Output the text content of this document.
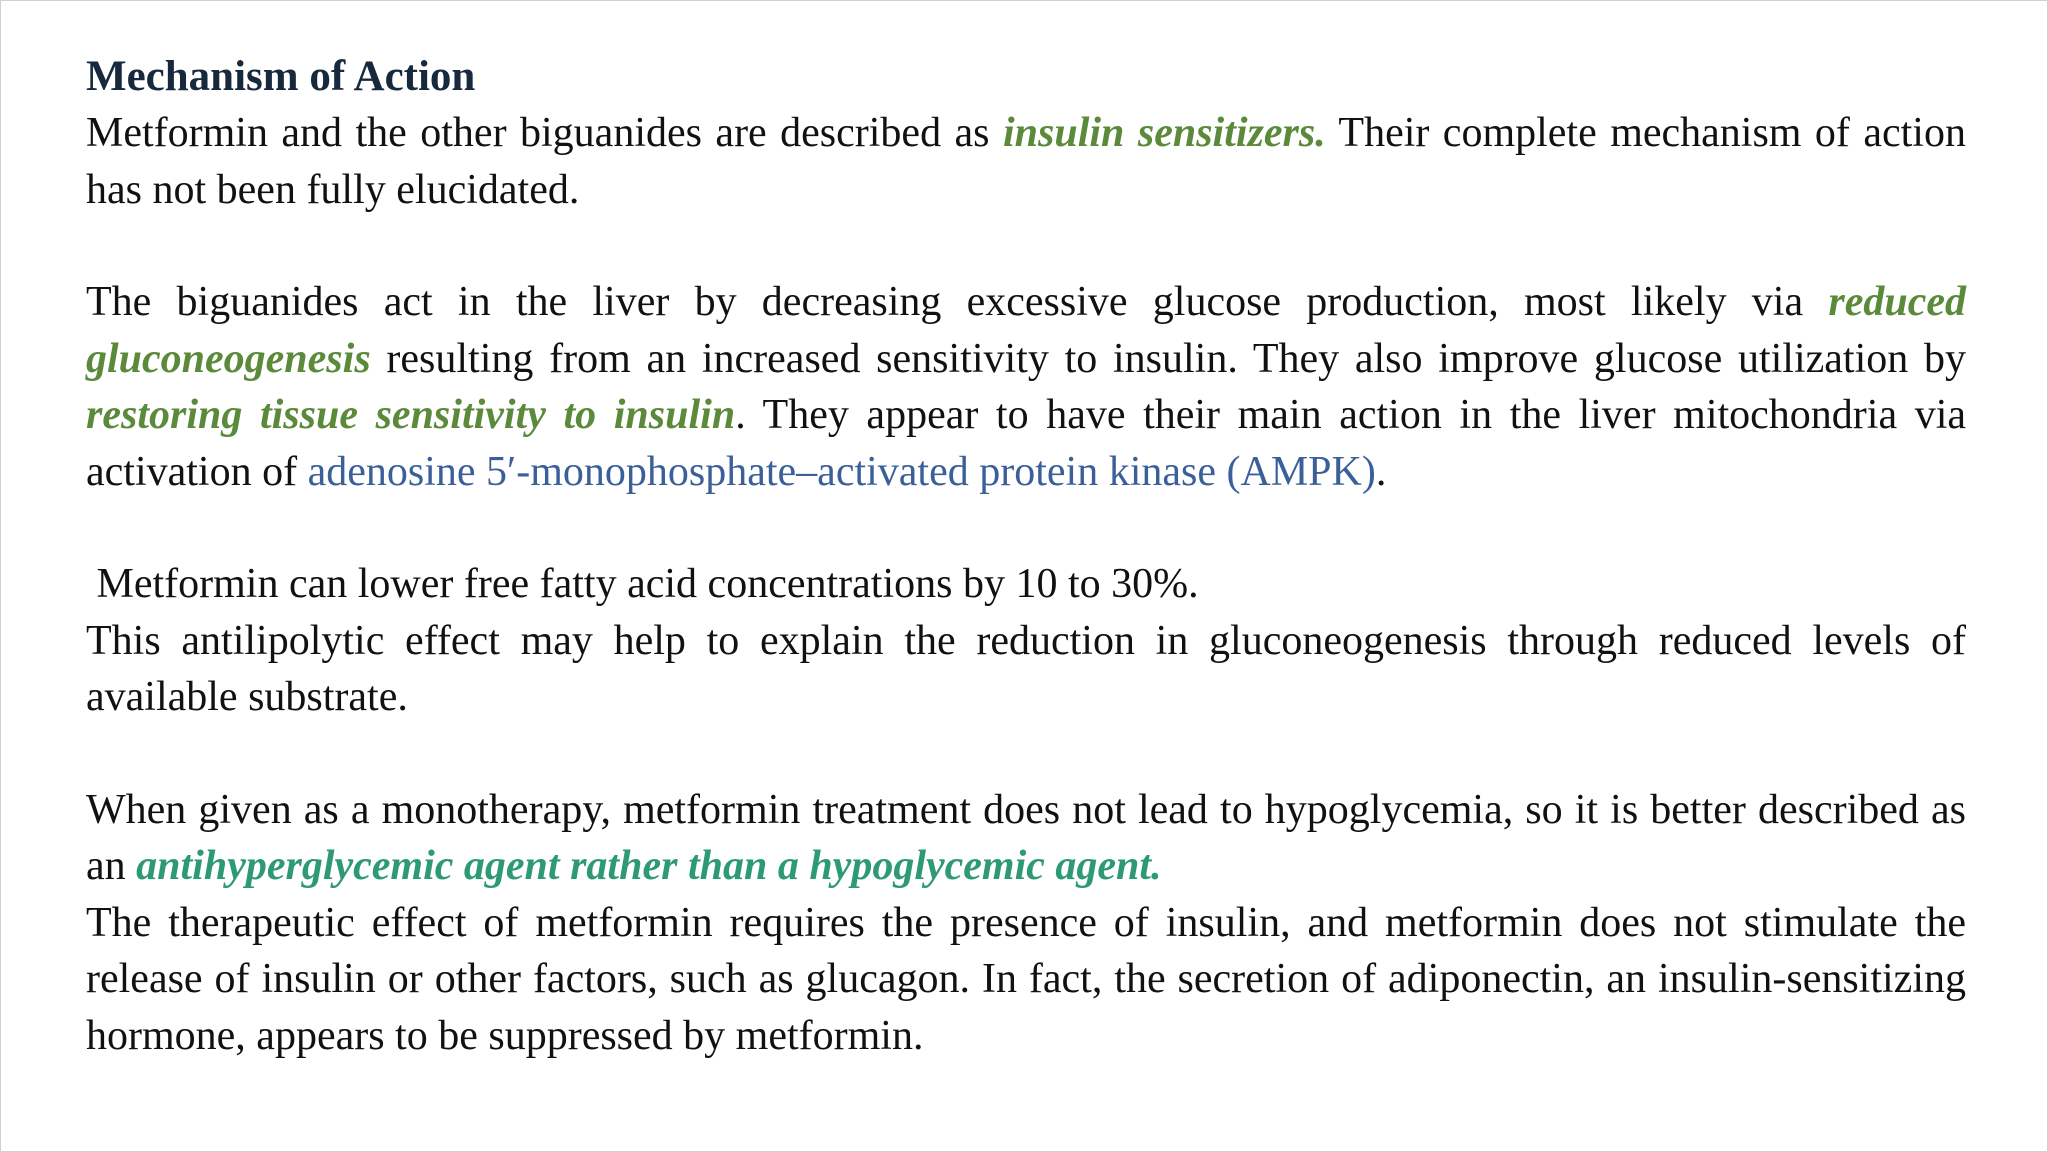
Mechanism of Action

Metformin and the other biguanides are described as insulin sensitizers. Their complete mechanism of action has not been fully elucidated.

The biguanides act in the liver by decreasing excessive glucose production, most likely via reduced gluconeogenesis resulting from an increased sensitivity to insulin. They also improve glucose utilization by restoring tissue sensitivity to insulin. They appear to have their main action in the liver mitochondria via activation of adenosine 5′-monophosphate–activated protein kinase (AMPK).

Metformin can lower free fatty acid concentrations by 10 to 30%.

This antilipolytic effect may help to explain the reduction in gluconeogenesis through reduced levels of available substrate.

When given as a monotherapy, metformin treatment does not lead to hypoglycemia, so it is better described as an antihyperglycemic agent rather than a hypoglycemic agent.

The therapeutic effect of metformin requires the presence of insulin, and metformin does not stimulate the release of insulin or other factors, such as glucagon. In fact, the secretion of adiponectin, an insulin-sensitizing hormone, appears to be suppressed by metformin.
